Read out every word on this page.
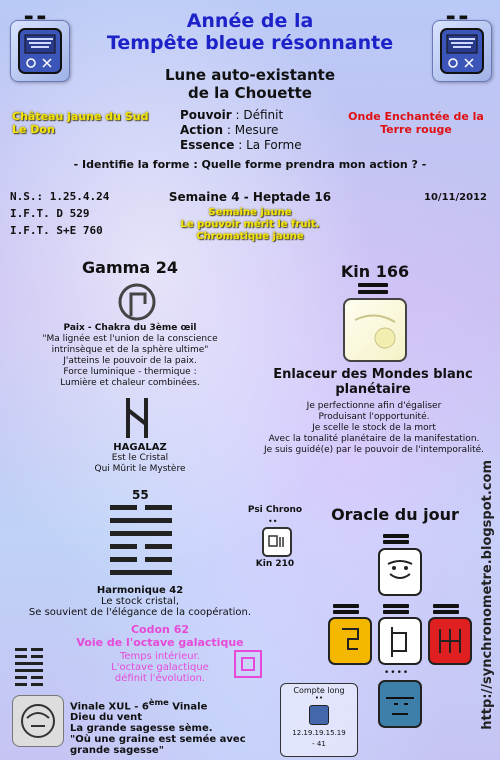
▬ ▬	▬ ▬
Année de la
Tempête bleue résonnante
Lune auto-existante
de la Chouette
Château jaune du Sud
Le Don
Pouvoir : Définit
Action : Mesure
Essence : La Forme
Onde Enchantée de la
Terre rouge
- Identifie la forme : Quelle forme prendra mon action ? -
N.S.: 1.25.4.24
I.F.T. D 529
I.F.T. S+E 760
Semaine 4 - Heptade 16
Semaine jaune
Le pouvoir mérit le fruit.
Chromatique jaune
10/11/2012
Gamma 24
Paix - Chakra du 3ème œil
"Ma lignée est l'union de la conscience
intrinsèque et de la sphère ultime"
J'atteins le pouvoir de la paix.
Force luminique - thermique :
Lumière et chaleur combinées.
HAGALAZ
Est le Cristal
Qui Mûrit le Mystère
Kin 166
Enlaceur des Mondes blanc
planétaire
Je perfectionne afin d'égaliser
Produisant l'opportunité.
Je scelle le stock de la mort
Avec la tonalité planétaire de la manifestation.
Je suis guidé(e) par le pouvoir de l'intemporalité.
55
Harmonique 42
Le stock cristal,
Se souvient de l'élégance de la coopération.
Psi Chrono
••
Kin 210
Oracle du jour
••••
Codon 62
Voie de l'octave galactique
Temps intérieur.
L'octave galactique
définit l'évolution.
Vinale XUL - 6ème Vinale
Dieu du vent
La grande sagesse sème.
"Où une graine est semée avec
grande sagesse"
Compte long
••
12.19.19.15.19
- 41
http://synchronometre.blogspot.com
